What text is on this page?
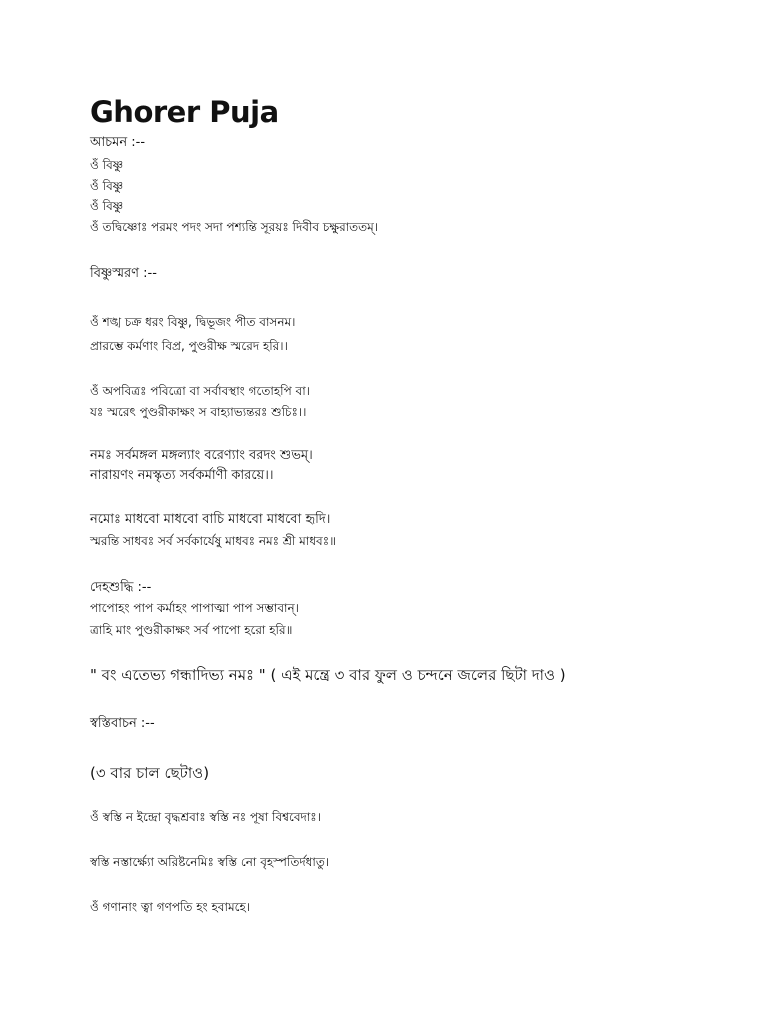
Ghorer Puja

আচমন :--

ওঁ বিষ্ণু

ওঁ বিষ্ণু

ওঁ বিষ্ণু

ওঁ তদ্বিষ্ণোঃ পরমং পদং সদা পশ্যন্তি সূরয়ঃ দিবীব চক্ষুরাততম্।

বিষ্ণুস্মরণ :--

ওঁ শঙ্খ চক্র ধরং বিষ্ণু, দ্বিভূজং পীত বাসনম।

প্রারম্ভে কর্মণাং বিপ্র, পুণ্ডরীক্ষ স্মরেদ হরি।।

ওঁ অপবিত্রঃ পবিত্রো বা সর্বাবস্থাং গতোহপি বা।

যঃ স্মরেৎ পুণ্ডরীকাক্ষং স বাহ্যাভ্যন্তরঃ শুচিঃ।।

নমঃ সর্বমঙ্গল মঙ্গল্যাং বরেণ্যাং বরদং শুভম্।

নারায়ণং নমস্কৃত্য সর্বকর্মাণী কারয়ে।।

নমোঃ মাধবো মাধবো বাচি মাধবো মাধবো হৃদি।

স্মরন্তি সাধবঃ সর্ব সর্বকার্যেষু মাধবঃ নমঃ শ্রী মাধবঃ॥

দেহশুদ্ধি :--

পাপোহং পাপ কর্মাহং পাপাত্মা পাপ সম্ভাবান্।

ত্রাহি মাং পুণ্ডরীকাক্ষং সর্ব পাপো হরো হরি॥

" বং এতেভ্য গন্ধাদিভ্য নমঃ " ( এই মন্ত্রে ৩ বার ফুল ও চন্দনে জলের ছিটা দাও )

স্বস্তিবাচন :--

(৩ বার চাল ছেটাও)

ওঁ স্বস্তি ন ইন্দ্রো বৃদ্ধশ্রবাঃ স্বস্তি নঃ পূষা বিশ্ববেদাঃ।

স্বস্তি নস্তার্ক্ষ্যো অরিষ্টনেমিঃ স্বস্তি নো বৃহস্পতির্দধাতু।

ওঁ গণানাং ত্বা গণপতি হং হবামহে।
